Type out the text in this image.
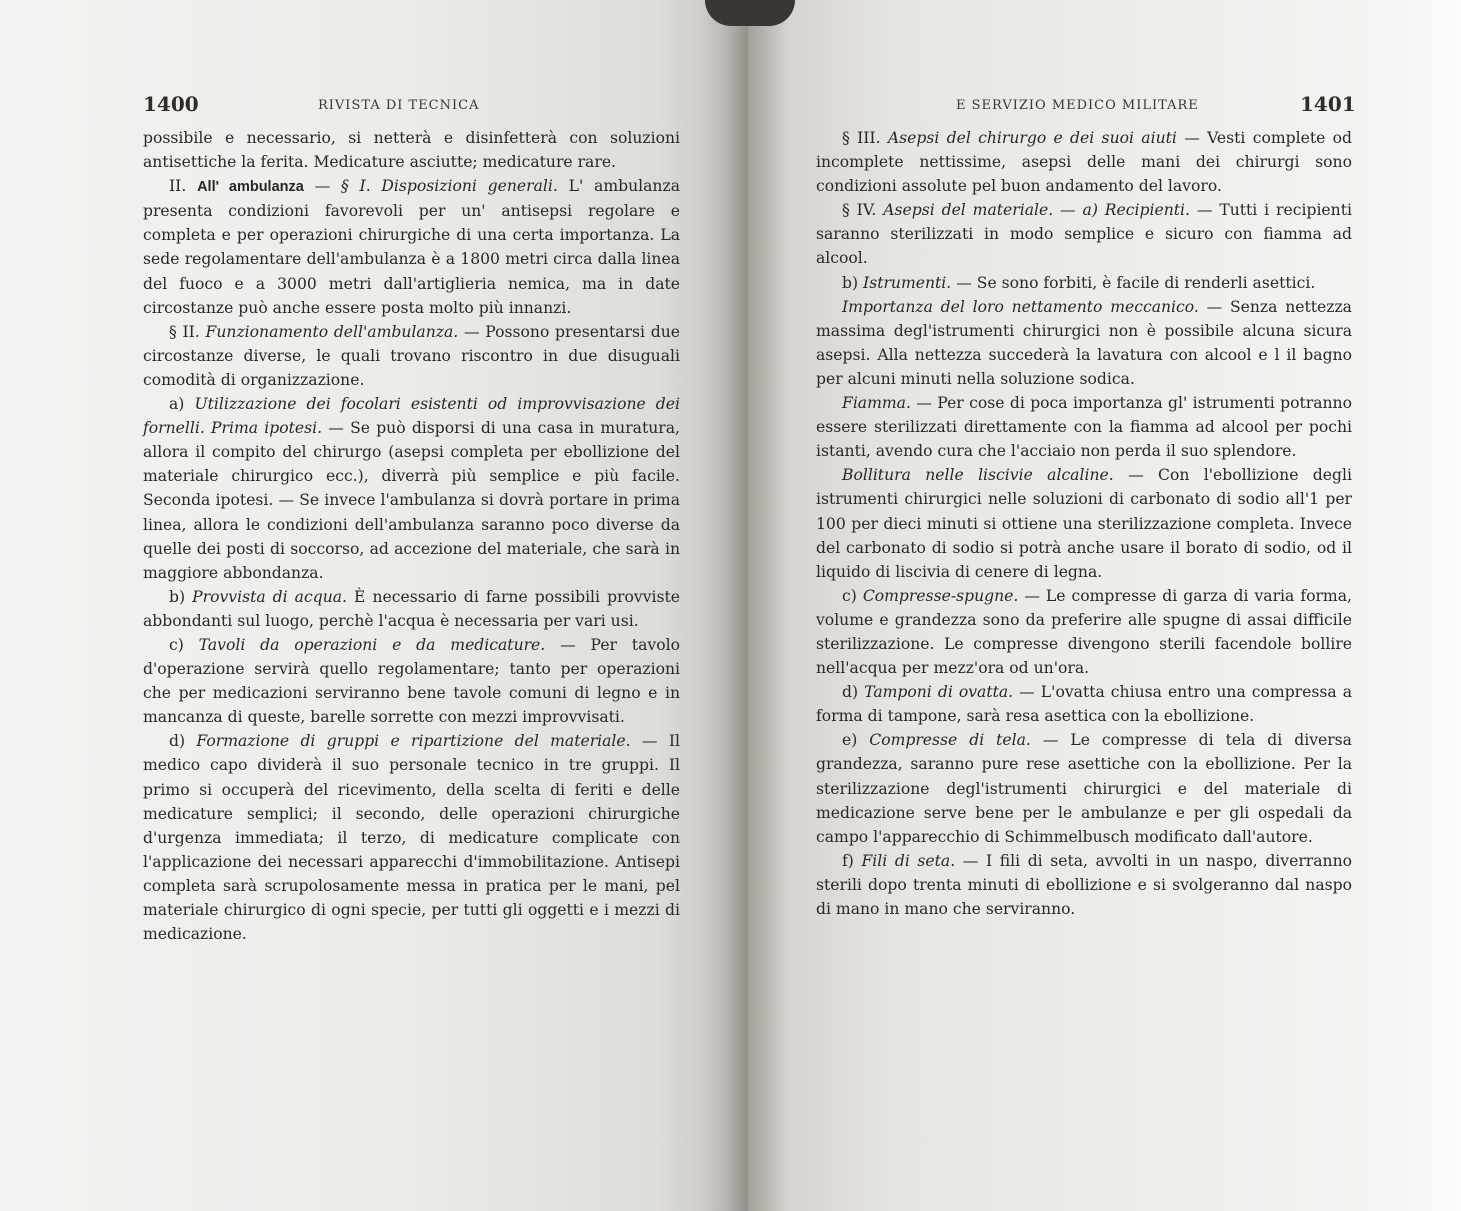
1400	RIVISTA DI TECNICA

possibile e necessario, si netterà e disinfetterà con soluzioni antisettiche la ferita. Medicature asciutte; medicature rare.

II. All' ambulanza — § I. Disposizioni generali. L' ambulanza presenta condizioni favorevoli per un' antisepsi regolare e completa e per operazioni chirurgiche di una certa importanza. La sede regolamentare dell'ambulanza è a 1800 metri circa dalla linea del fuoco e a 3000 metri dall'artiglieria nemica, ma in date circostanze può anche essere posta molto più innanzi.

§ II. Funzionamento dell'ambulanza. — Possono presentarsi due circostanze diverse, le quali trovano riscontro in due disuguali comodità di organizzazione.

a) Utilizzazione dei focolari esistenti od improvvisazione dei fornelli. Prima ipotesi. — Se può disporsi di una casa in muratura, allora il compito del chirurgo (asepsi completa per ebollizione del materiale chirurgico ecc.), diverrà più semplice e più facile. Seconda ipotesi. — Se invece l'ambulanza si dovrà portare in prima linea, allora le condizioni dell'ambulanza saranno poco diverse da quelle dei posti di soccorso, ad accezione del materiale, che sarà in maggiore abbondanza.

b) Provvista di acqua. È necessario di farne possibili provviste abbondanti sul luogo, perchè l'acqua è necessaria per vari usi.

c) Tavoli da operazioni e da medicature. — Per tavolo d'operazione servirà quello regolamentare; tanto per operazioni che per medicazioni serviranno bene tavole comuni di legno e in mancanza di queste, barelle sorrette con mezzi improvvisati.

d) Formazione di gruppi e ripartizione del materiale. — Il medico capo dividerà il suo personale tecnico in tre gruppi. Il primo si occuperà del ricevimento, della scelta di feriti e delle medicature semplici; il secondo, delle operazioni chirurgiche d'urgenza immediata; il terzo, di medicature complicate con l'applicazione dei necessari apparecchi d'immobilitazione. Antisepi completa sarà scrupolosamente messa in pratica per le mani, pel materiale chirurgico di ogni specie, per tutti gli oggetti e i mezzi di medicazione.

E SERVIZIO MEDICO MILITARE	1401

§ III. Asepsi del chirurgo e dei suoi aiuti — Vesti complete od incomplete nettissime, asepsi delle mani dei chirurgi sono condizioni assolute pel buon andamento del lavoro.

§ IV. Asepsi del materiale. — a) Recipienti. — Tutti i recipienti saranno sterilizzati in modo semplice e sicuro con fiamma ad alcool.

b) Istrumenti. — Se sono forbiti, è facile di renderli asettici.

Importanza del loro nettamento meccanico. — Senza nettezza massima degl'istrumenti chirurgici non è possibile alcuna sicura asepsi. Alla nettezza succederà la lavatura con alcool e l il bagno per alcuni minuti nella soluzione sodica.

Fiamma. — Per cose di poca importanza gl' istrumenti potranno essere sterilizzati direttamente con la fiamma ad alcool per pochi istanti, avendo cura che l'acciaio non perda il suo splendore.

Bollitura nelle liscivie alcaline. — Con l'ebollizione degli istrumenti chirurgici nelle soluzioni di carbonato di sodio all'1 per 100 per dieci minuti si ottiene una sterilizzazione completa. Invece del carbonato di sodio si potrà anche usare il borato di sodio, od il liquido di liscivia di cenere di legna.

c) Compresse-spugne. — Le compresse di garza di varia forma, volume e grandezza sono da preferire alle spugne di assai difficile sterilizzazione. Le compresse divengono sterili facendole bollire nell'acqua per mezz'ora od un'ora.

d) Tamponi di ovatta. — L'ovatta chiusa entro una compressa a forma di tampone, sarà resa asettica con la ebollizione.

e) Compresse di tela. — Le compresse di tela di diversa grandezza, saranno pure rese asettiche con la ebollizione. Per la sterilizzazione degl'istrumenti chirurgici e del materiale di medicazione serve bene per le ambulanze e per gli ospedali da campo l'apparecchio di Schimmelbusch modificato dall'autore.

f) Fili di seta. — I fili di seta, avvolti in un naspo, diverranno sterili dopo trenta minuti di ebollizione e si svolgeranno dal naspo di mano in mano che serviranno.
